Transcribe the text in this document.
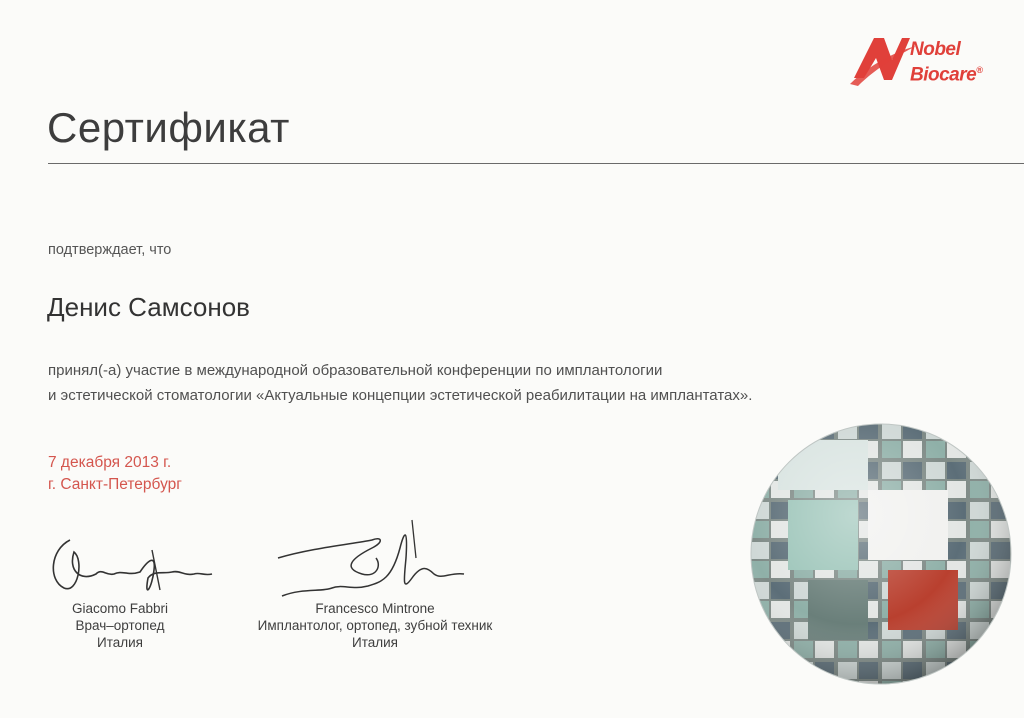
Nobel
Biocare®
Сертификат
подтверждает, что
Денис Самсонов
принял(-а) участие в международной образовательной конференции по имплантологии
и эстетической стоматологии «Актуальные концепции эстетической реабилитации на имплантатах».
7 декабря 2013 г.
г. Санкт-Петербург
Giacomo Fabbri
Врач–ортопед
Италия
Francesco Mintrone
Имплантолог, ортопед, зубной техник
Италия
